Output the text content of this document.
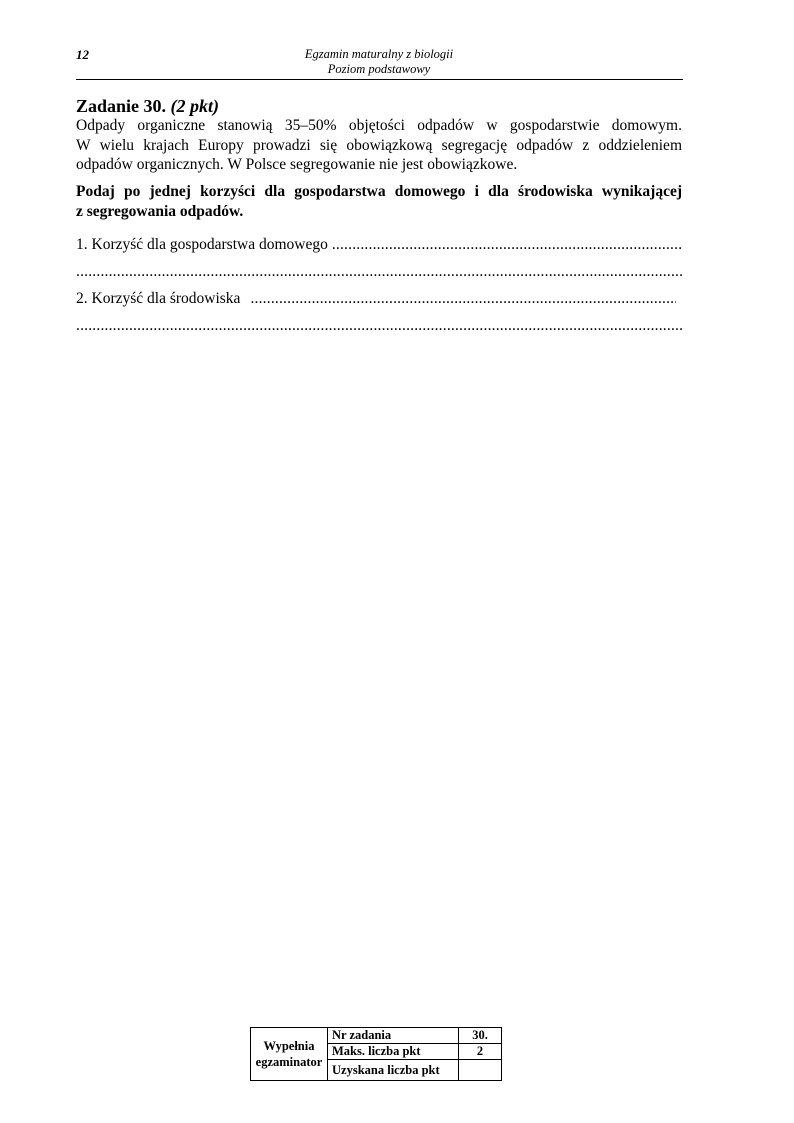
12	Egzamin maturalny z biologii
Poziom podstawowy
Zadanie 30. (2 pkt)
Odpady organiczne stanowią 35–50% objętości odpadów w gospodarstwie domowym.
W wielu krajach Europy prowadzi się obowiązkową segregację odpadów z oddzieleniem
odpadów organicznych. W Polsce segregowanie nie jest obowiązkowe.
Podaj po jednej korzyści dla gospodarstwa domowego i dla środowiska wynikającej
z segregowania odpadów.
1. Korzyść dla gospodarstwa domowego
.....
.....
2. Korzyść dla środowiska
.....
.....
Wypełnia egzaminator	Nr zadania	30.
	Maks. liczba pkt	2
	Uzyskana liczba pkt	
